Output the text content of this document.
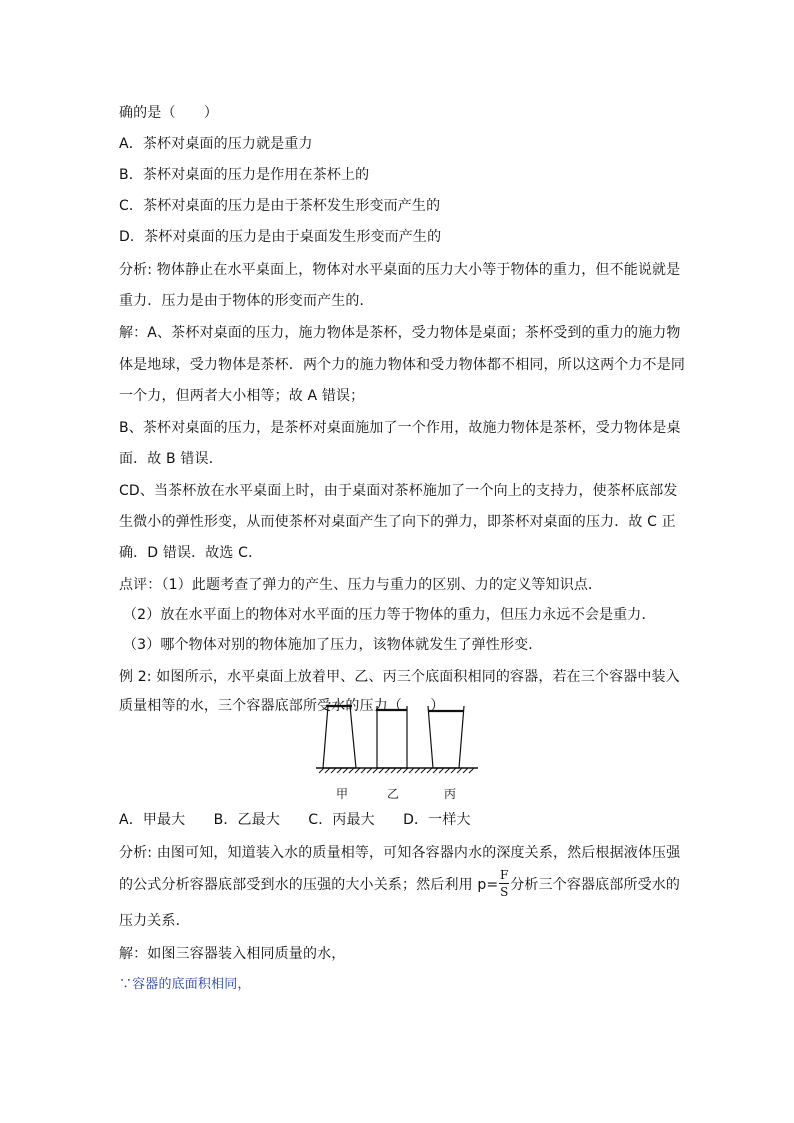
确的是（　　）
A．茶杯对桌面的压力就是重力
B．茶杯对桌面的压力是作用在茶杯上的
C．茶杯对桌面的压力是由于茶杯发生形变而产生的
D．茶杯对桌面的压力是由于桌面发生形变而产生的
分析: 物体静止在水平桌面上，物体对水平桌面的压力大小等于物体的重力，但不能说就是
重力．压力是由于物体的形变而产生的．
解：A、茶杯对桌面的压力，施力物体是茶杯，受力物体是桌面；茶杯受到的重力的施力物
体是地球，受力物体是茶杯．两个力的施力物体和受力物体都不相同，所以这两个力不是同
一个力，但两者大小相等；故 A 错误；
B、茶杯对桌面的压力，是茶杯对桌面施加了一个作用，故施力物体是茶杯，受力物体是桌
面．故 B 错误．
CD、当茶杯放在水平桌面上时，由于桌面对茶杯施加了一个向上的支持力，使茶杯底部发
生微小的弹性形变，从而使茶杯对桌面产生了向下的弹力，即茶杯对桌面的压力．故 C 正
确．D 错误．故选 C．
点评：（1）此题考查了弹力的产生、压力与重力的区别、力的定义等知识点．
（2）放在水平面上的物体对水平面的压力等于物体的重力，但压力永远不会是重力．
（3）哪个物体对别的物体施加了压力，该物体就发生了弹性形变．
例 2: 如图所示，水平桌面上放着甲、乙、丙三个底面积相同的容器，若在三个容器中装入
质量相等的水，三个容器底部所受水的压力（　　）
甲	乙	丙
A．甲最大　　B．乙最大　　C．丙最大　　D．一样大
分析: 由图可知，知道装入水的质量相等，可知各容器内水的深度关系，然后根据液体压强
的公式分析容器底部受到水的压强的大小关系；然后利用 $p= \frac{F}{S}$ 分析三个容器底部所受水的
压力关系．
解：如图三容器装入相同质量的水，
∵容器的底面积相同，
